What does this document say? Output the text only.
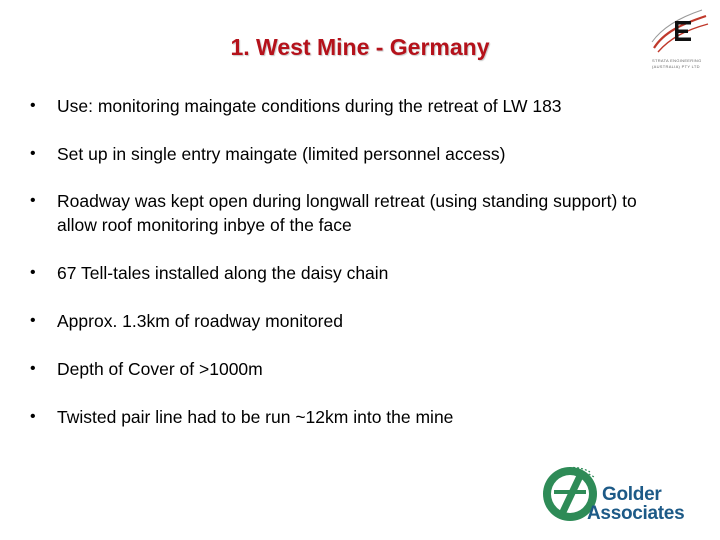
1. West Mine - Germany
STRATA ENGINEERING (AUSTRALIA) PTY LTD
• Use: monitoring maingate conditions during the retreat of LW 183
• Set up in single entry maingate (limited personnel access)
• Roadway was kept open during longwall retreat (using standing support) to allow roof monitoring inbye of the face
• 67 Tell-tales installed along the daisy chain
• Approx. 1.3km of roadway monitored
• Depth of Cover of >1000m
• Twisted pair line had to be run ~12km into the mine
Golder
Associates
